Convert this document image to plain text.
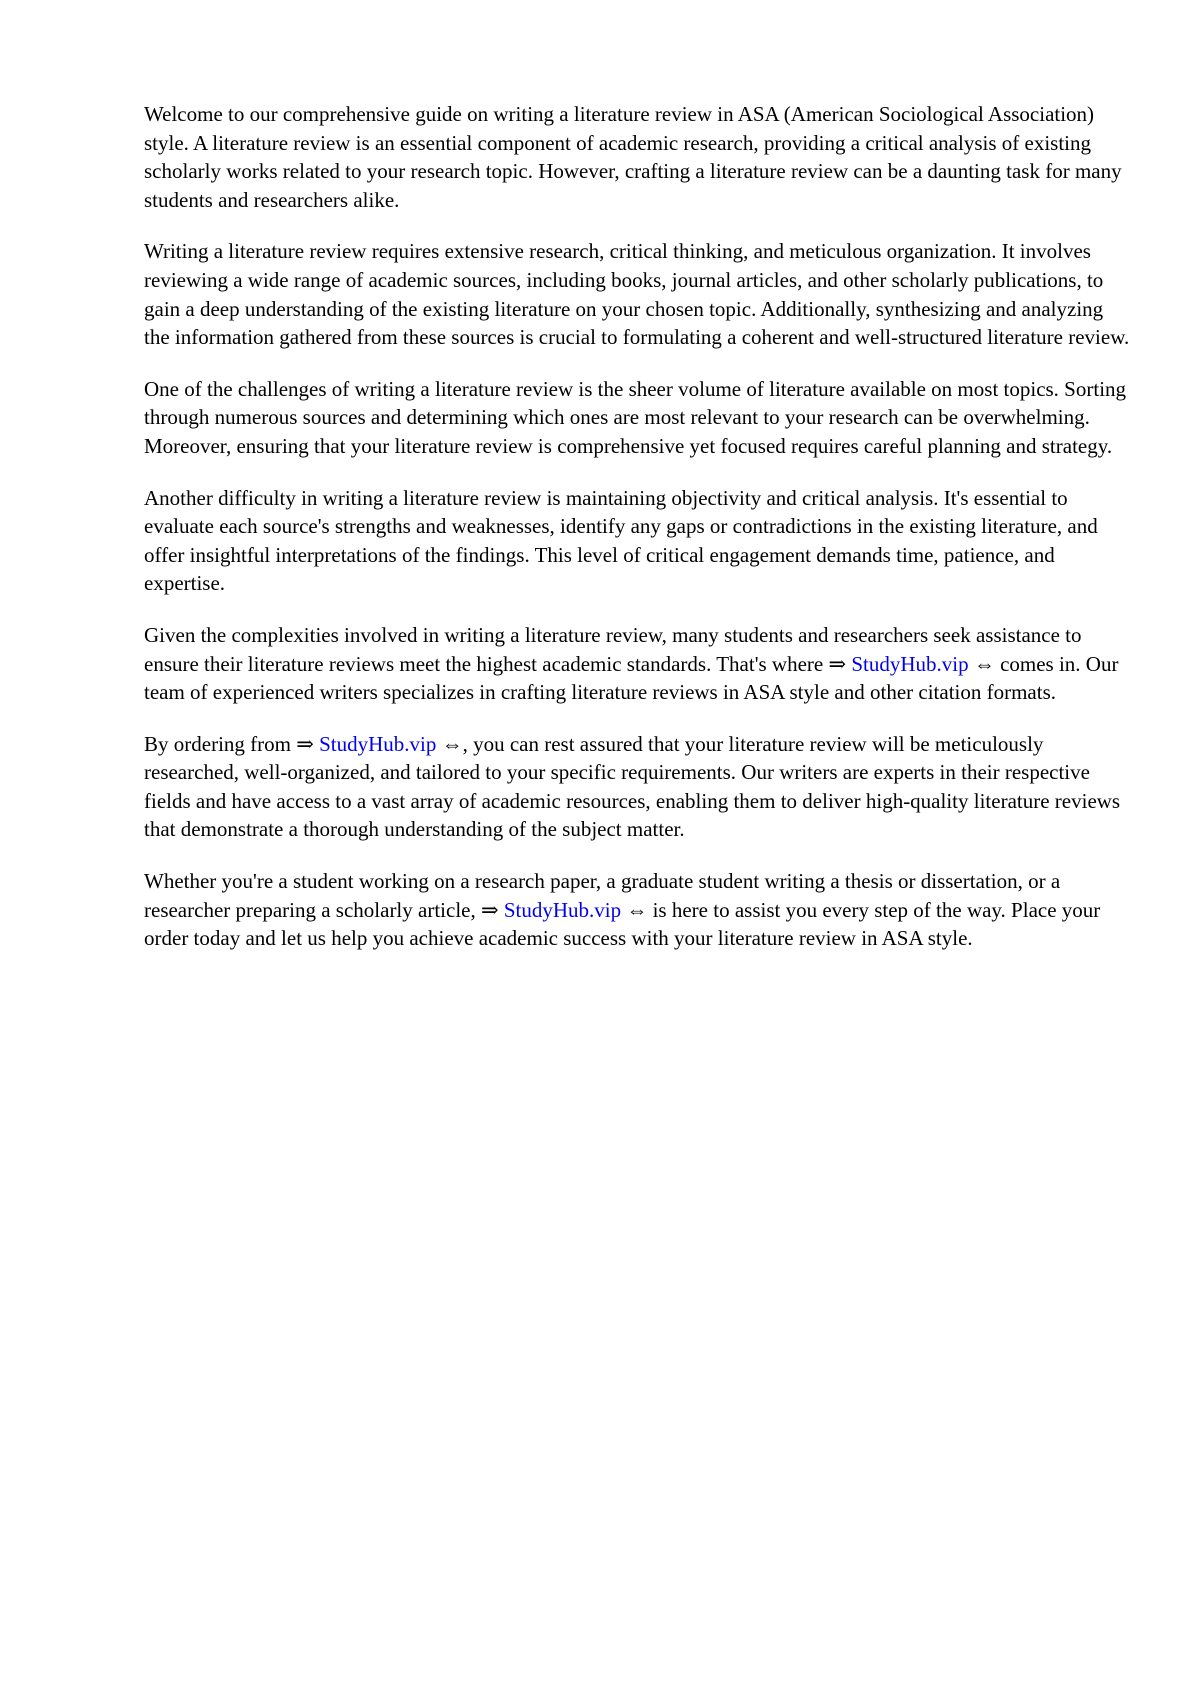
Welcome to our comprehensive guide on writing a literature review in ASA (American Sociological Association) style. A literature review is an essential component of academic research, providing a critical analysis of existing scholarly works related to your research topic. However, crafting a literature review can be a daunting task for many students and researchers alike.

Writing a literature review requires extensive research, critical thinking, and meticulous organization. It involves reviewing a wide range of academic sources, including books, journal articles, and other scholarly publications, to gain a deep understanding of the existing literature on your chosen topic. Additionally, synthesizing and analyzing the information gathered from these sources is crucial to formulating a coherent and well-structured literature review.

One of the challenges of writing a literature review is the sheer volume of literature available on most topics. Sorting through numerous sources and determining which ones are most relevant to your research can be overwhelming. Moreover, ensuring that your literature review is comprehensive yet focused requires careful planning and strategy.

Another difficulty in writing a literature review is maintaining objectivity and critical analysis. It's essential to evaluate each source's strengths and weaknesses, identify any gaps or contradictions in the existing literature, and offer insightful interpretations of the findings. This level of critical engagement demands time, patience, and expertise.

Given the complexities involved in writing a literature review, many students and researchers seek assistance to ensure their literature reviews meet the highest academic standards. That's where ⇒ StudyHub.vip ⇔ comes in. Our team of experienced writers specializes in crafting literature reviews in ASA style and other citation formats.

By ordering from ⇒ StudyHub.vip ⇔, you can rest assured that your literature review will be meticulously researched, well-organized, and tailored to your specific requirements. Our writers are experts in their respective fields and have access to a vast array of academic resources, enabling them to deliver high-quality literature reviews that demonstrate a thorough understanding of the subject matter.

Whether you're a student working on a research paper, a graduate student writing a thesis or dissertation, or a researcher preparing a scholarly article, ⇒ StudyHub.vip ⇔ is here to assist you every step of the way. Place your order today and let us help you achieve academic success with your literature review in ASA style.
